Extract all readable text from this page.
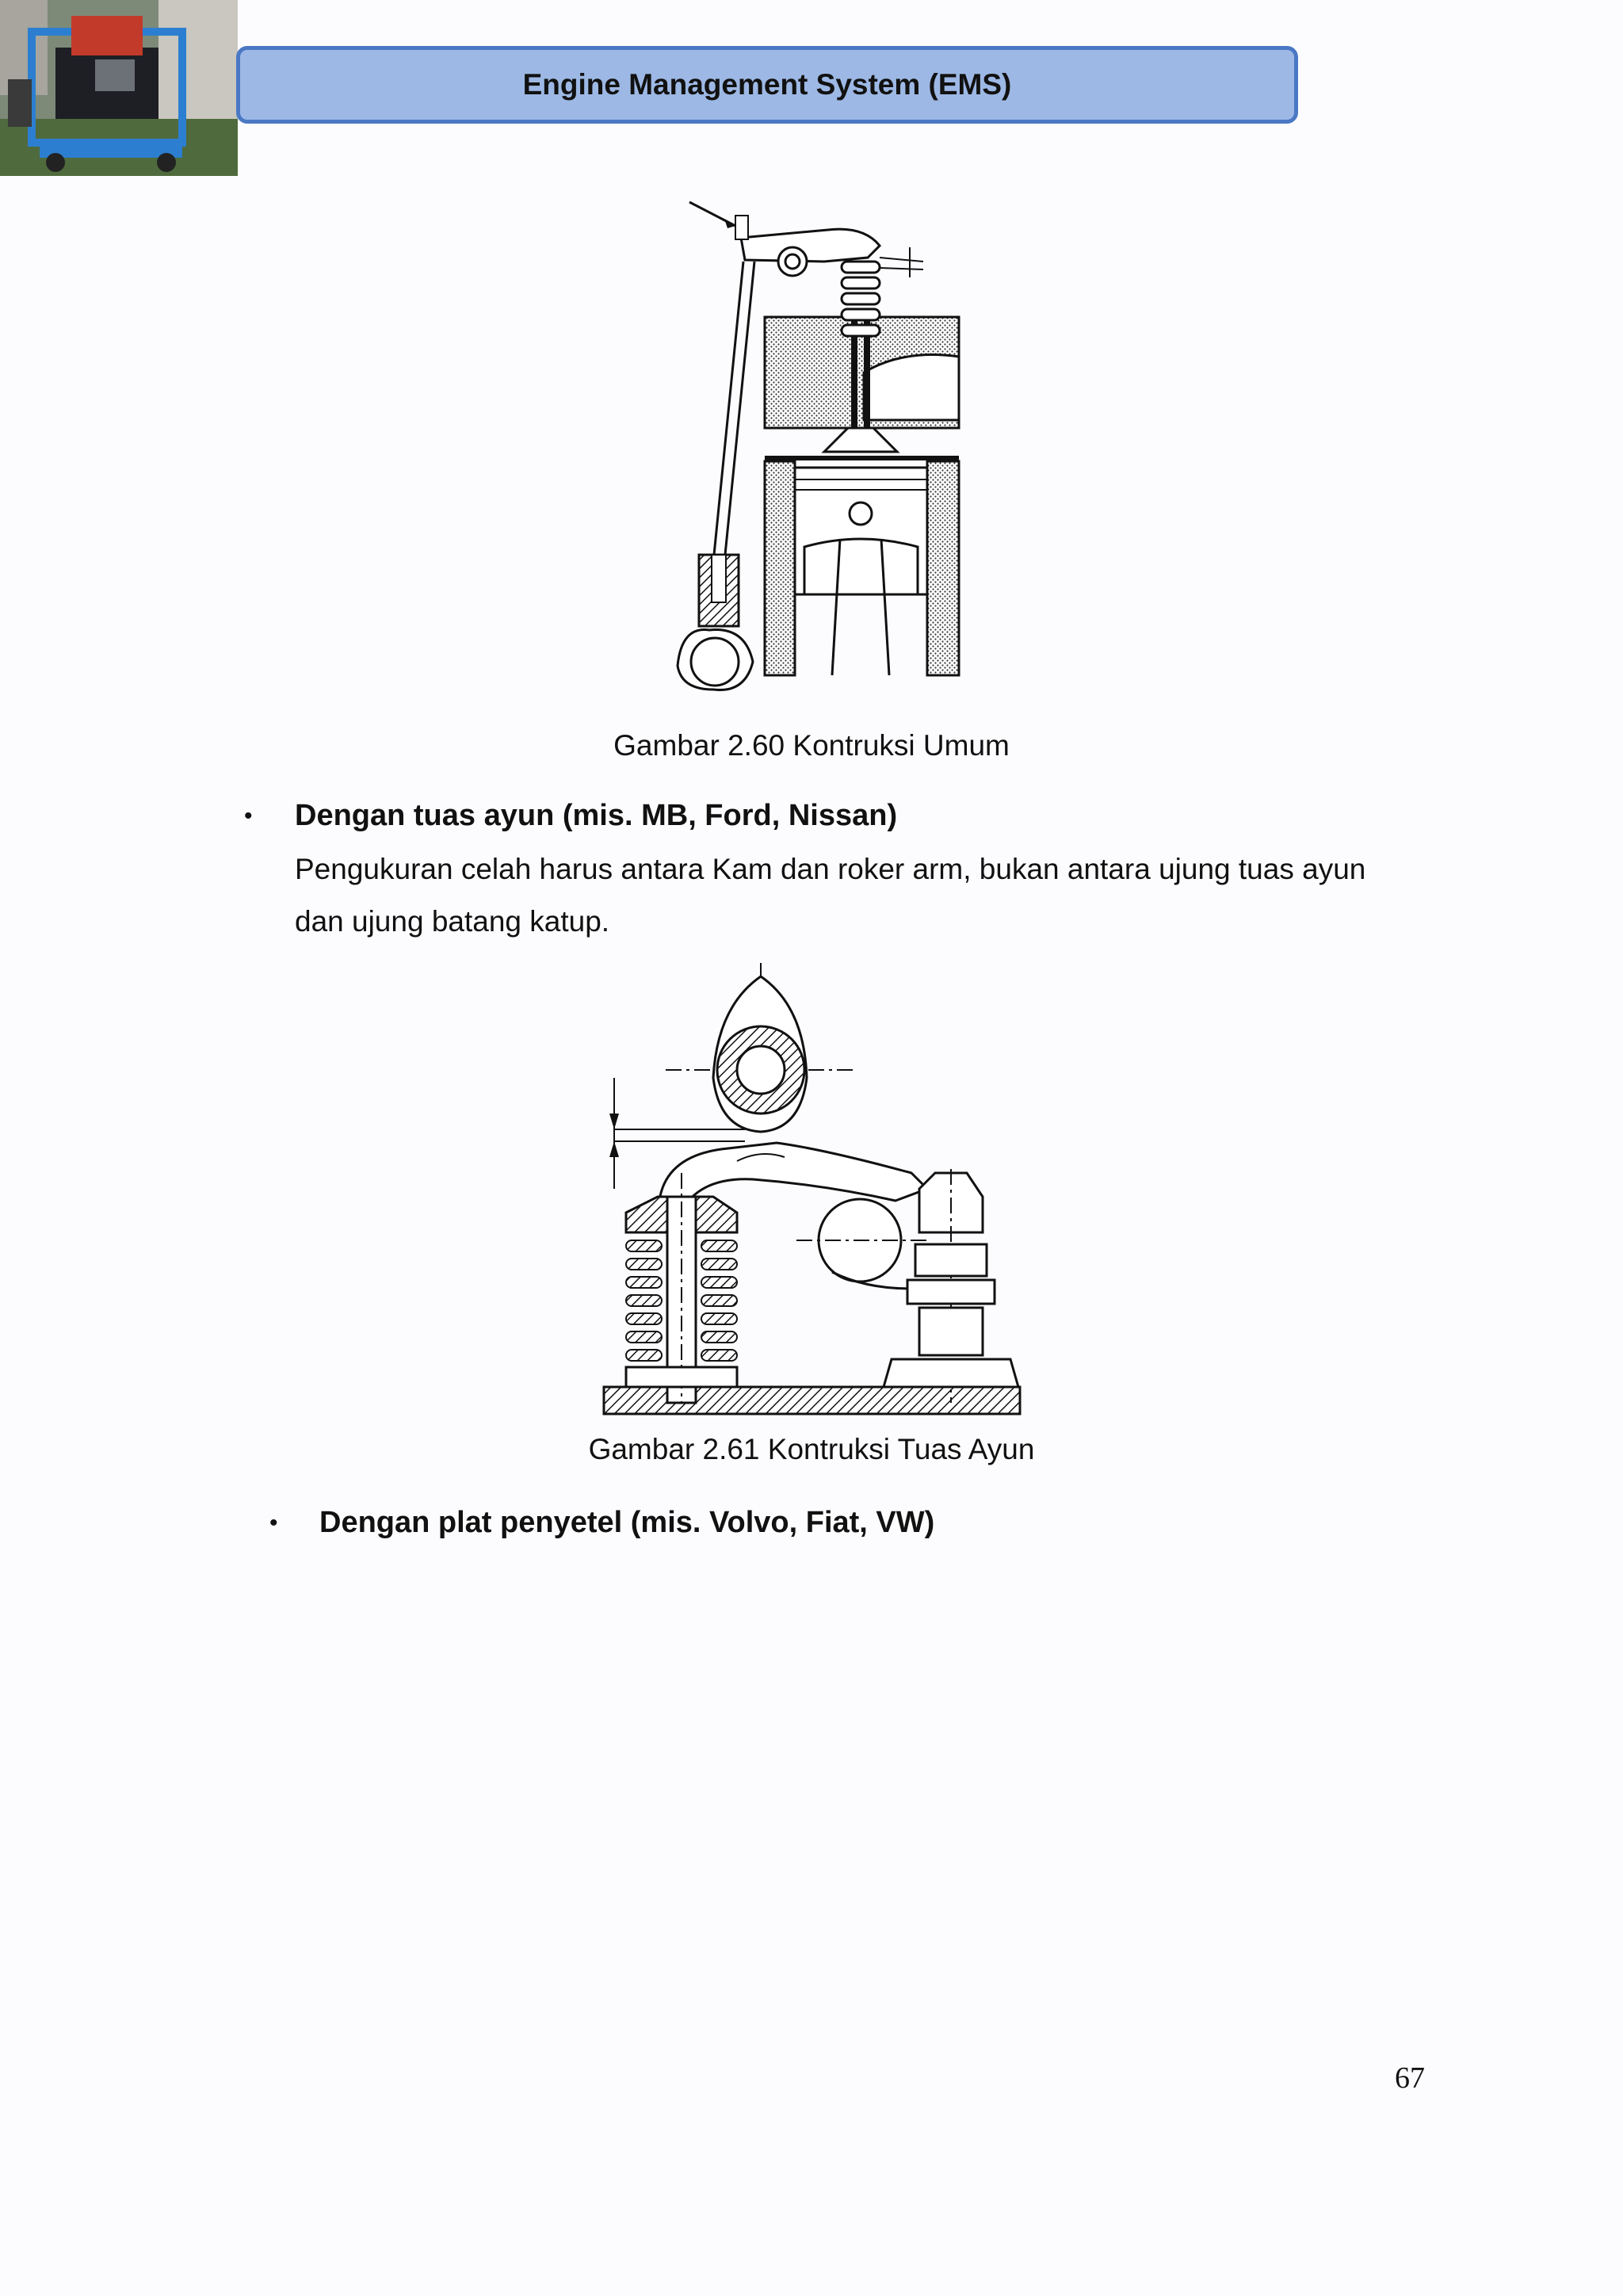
Engine Management System (EMS)
Gambar 2.60 Kontruksi Umum
• Dengan tuas ayun (mis. MB, Ford, Nissan)
Pengukuran celah harus antara Kam dan roker arm, bukan antara ujung tuas ayun
dan ujung batang katup.
Gambar 2.61 Kontruksi Tuas Ayun
• Dengan plat penyetel (mis. Volvo, Fiat, VW)
67
